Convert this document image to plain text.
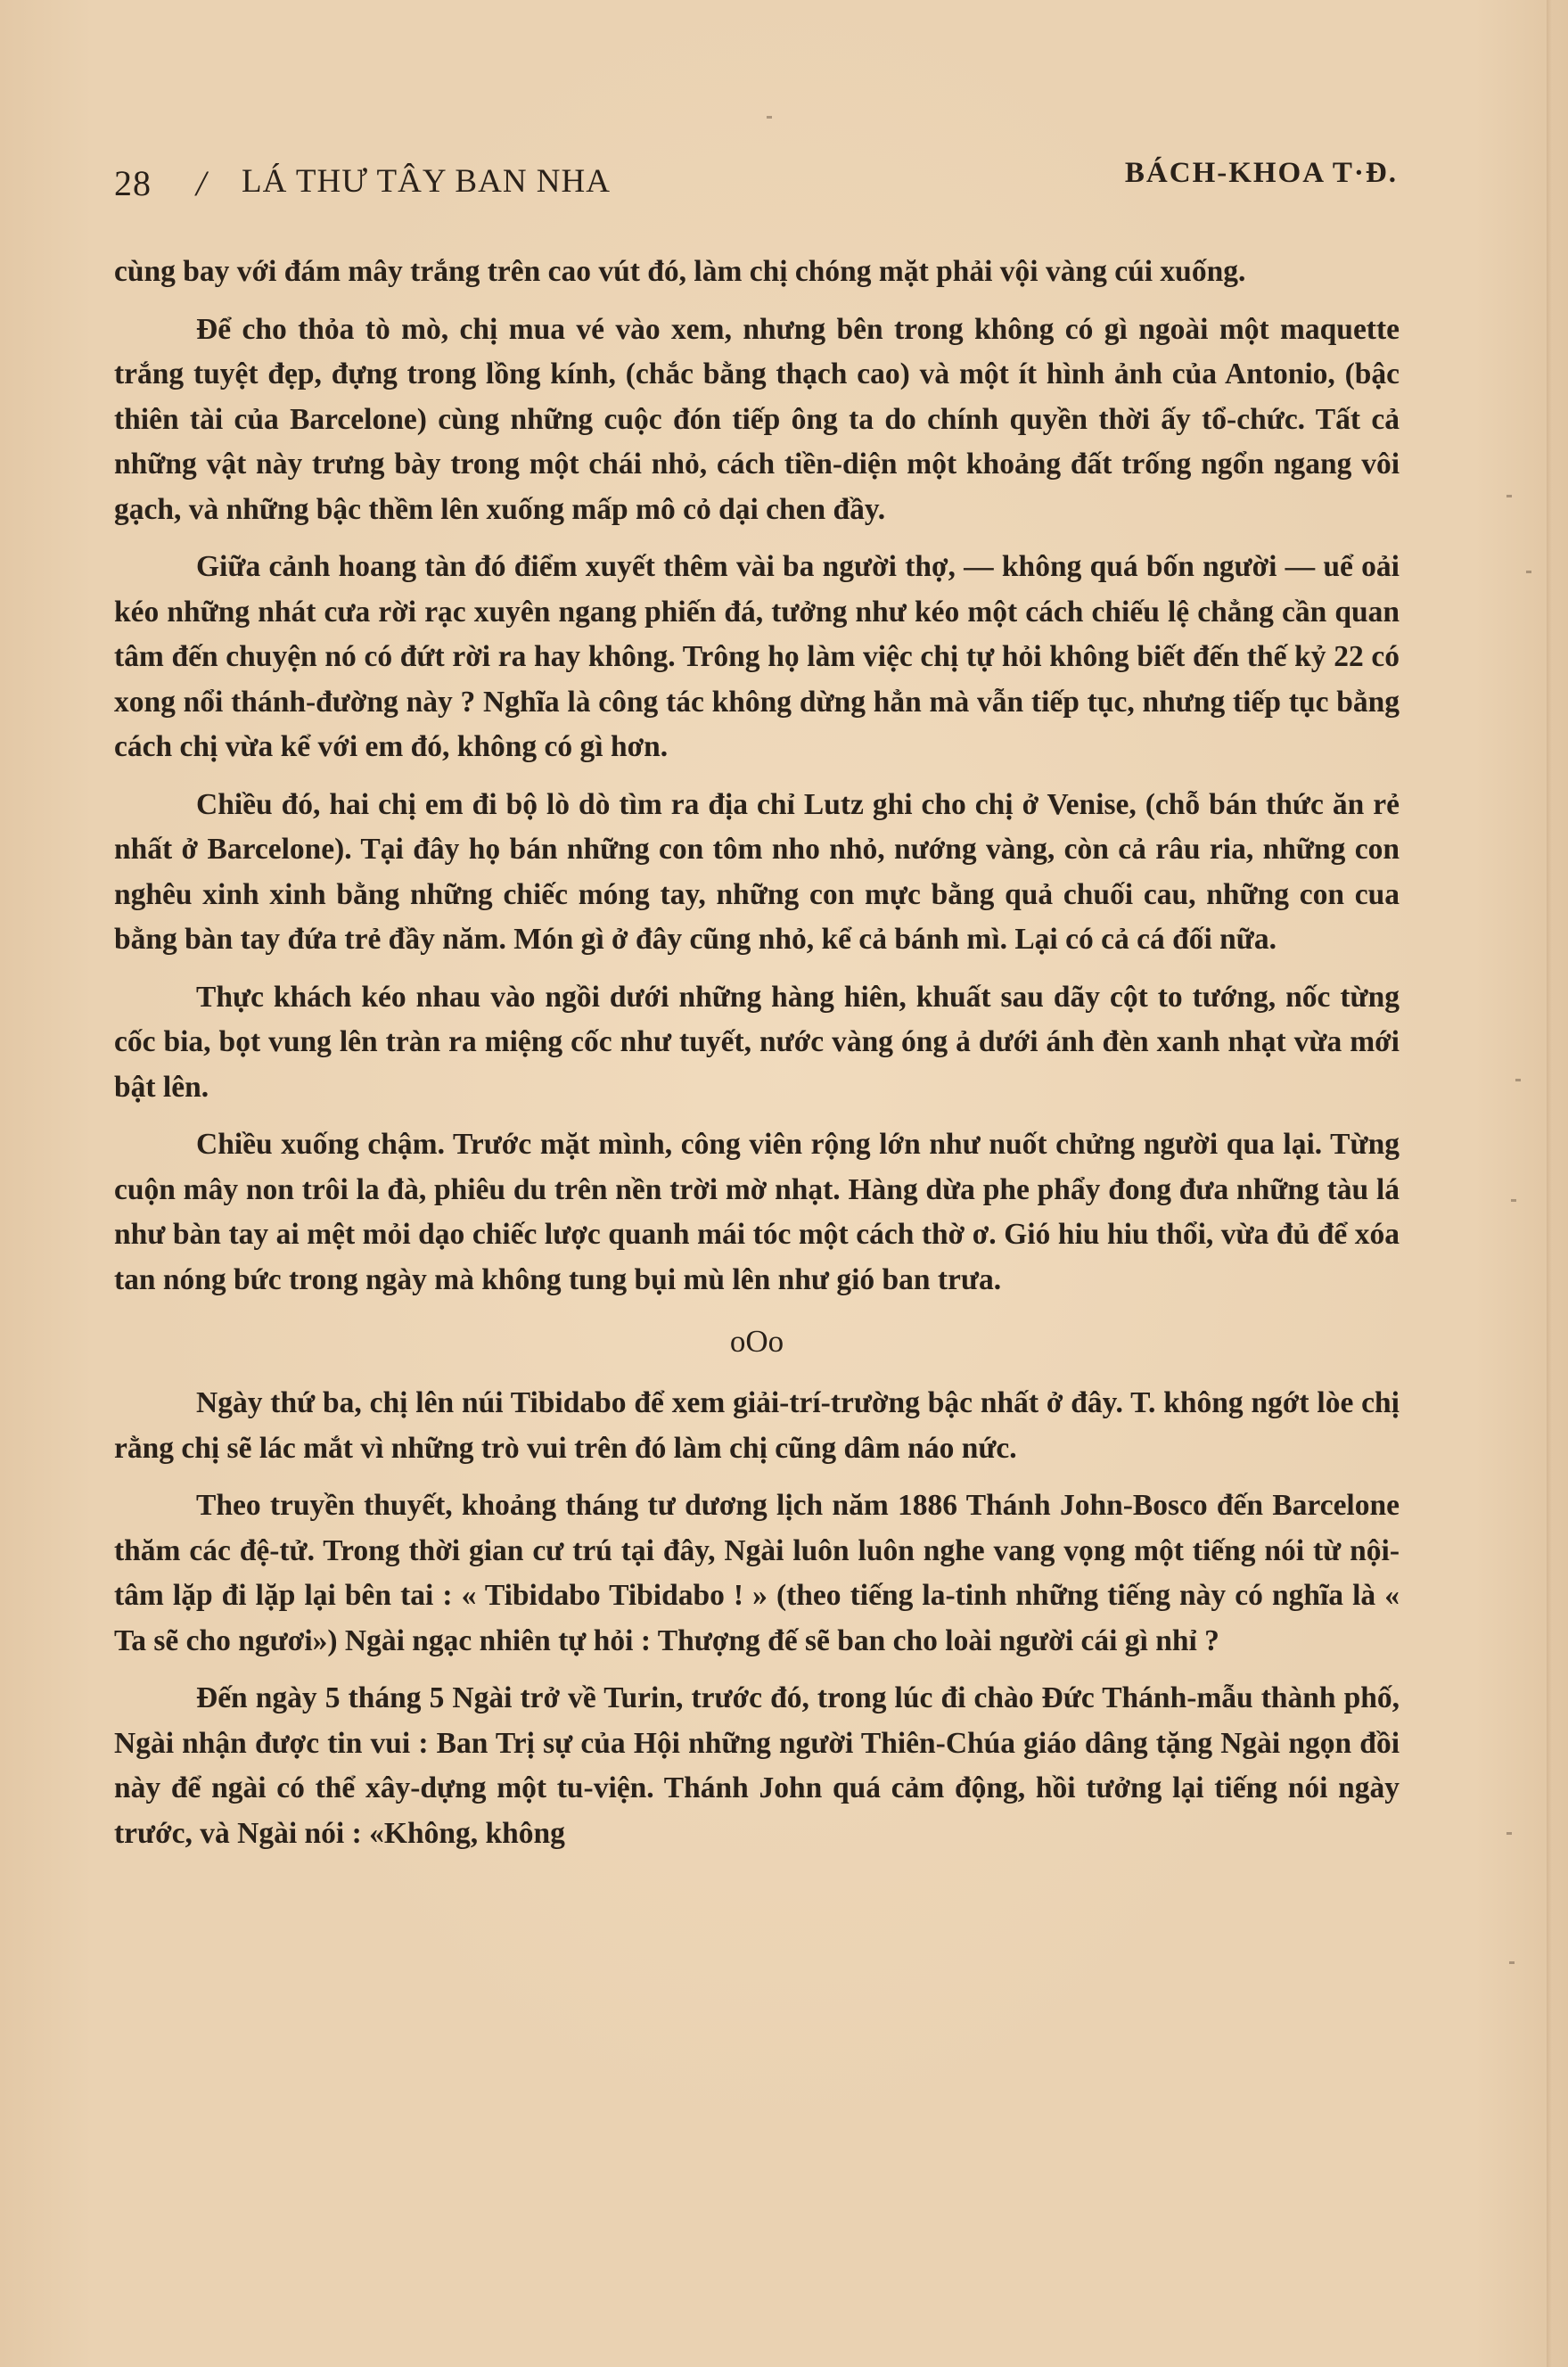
28 / LÁ THƯ TÂY BAN NHA	BÁCH-KHOA T·Đ.

cùng bay với đám mây trắng trên cao vút đó, làm chị chóng mặt phải vội vàng cúi xuống.

Để cho thỏa tò mò, chị mua vé vào xem, nhưng bên trong không có gì ngoài một maquette trắng tuyệt đẹp, đựng trong lồng kính, (chắc bằng thạch cao) và một ít hình ảnh của Antonio, (bậc thiên tài của Barcelone) cùng những cuộc đón tiếp ông ta do chính quyền thời ấy tổ-chức. Tất cả những vật này trưng bày trong một chái nhỏ, cách tiền-diện một khoảng đất trống ngổn ngang vôi gạch, và những bậc thềm lên xuống mấp mô cỏ dại chen đầy.

Giữa cảnh hoang tàn đó điểm xuyết thêm vài ba người thợ, — không quá bốn người — uể oải kéo những nhát cưa rời rạc xuyên ngang phiến đá, tưởng như kéo một cách chiếu lệ chẳng cần quan tâm đến chuyện nó có đứt rời ra hay không. Trông họ làm việc chị tự hỏi không biết đến thế kỷ 22 có xong nổi thánh-đường này ? Nghĩa là công tác không dừng hẳn mà vẫn tiếp tục, nhưng tiếp tục bằng cách chị vừa kể với em đó, không có gì hơn.

Chiều đó, hai chị em đi bộ lò dò tìm ra địa chỉ Lutz ghi cho chị ở Venise, (chỗ bán thức ăn rẻ nhất ở Barcelone). Tại đây họ bán những con tôm nho nhỏ, nướng vàng, còn cả râu ria, những con nghêu xinh xinh bằng những chiếc móng tay, những con mực bằng quả chuối cau, những con cua bằng bàn tay đứa trẻ đầy năm. Món gì ở đây cũng nhỏ, kể cả bánh mì. Lại có cả cá đối nữa.

Thực khách kéo nhau vào ngồi dưới những hàng hiên, khuất sau dãy cột to tướng, nốc từng cốc bia, bọt vung lên tràn ra miệng cốc như tuyết, nước vàng óng ả dưới ánh đèn xanh nhạt vừa mới bật lên.

Chiều xuống chậm. Trước mặt mình, công viên rộng lớn như nuốt chửng người qua lại. Từng cuộn mây non trôi la đà, phiêu du trên nền trời mờ nhạt. Hàng dừa phe phẩy đong đưa những tàu lá như bàn tay ai mệt mỏi dạo chiếc lược quanh mái tóc một cách thờ ơ. Gió hiu hiu thổi, vừa đủ để xóa tan nóng bức trong ngày mà không tung bụi mù lên như gió ban trưa.

oOo

Ngày thứ ba, chị lên núi Tibidabo để xem giải-trí-trường bậc nhất ở đây. T. không ngớt lòe chị rằng chị sẽ lác mắt vì những trò vui trên đó làm chị cũng dâm náo nức.

Theo truyền thuyết, khoảng tháng tư dương lịch năm 1886 Thánh John-Bosco đến Barcelone thăm các đệ-tử. Trong thời gian cư trú tại đây, Ngài luôn luôn nghe vang vọng một tiếng nói từ nội-tâm lặp đi lặp lại bên tai : « Tibidabo Tibidabo ! » (theo tiếng la-tinh những tiếng này có nghĩa là « Ta sẽ cho ngươi») Ngài ngạc nhiên tự hỏi : Thượng đế sẽ ban cho loài người cái gì nhỉ ?

Đến ngày 5 tháng 5 Ngài trở về Turin, trước đó, trong lúc đi chào Đức Thánh-mẫu thành phố, Ngài nhận được tin vui : Ban Trị sự của Hội những người Thiên-Chúa giáo dâng tặng Ngài ngọn đồi này để ngài có thể xây-dựng một tu-viện. Thánh John quá cảm động, hồi tưởng lại tiếng nói ngày trước, và Ngài nói : «Không, không
